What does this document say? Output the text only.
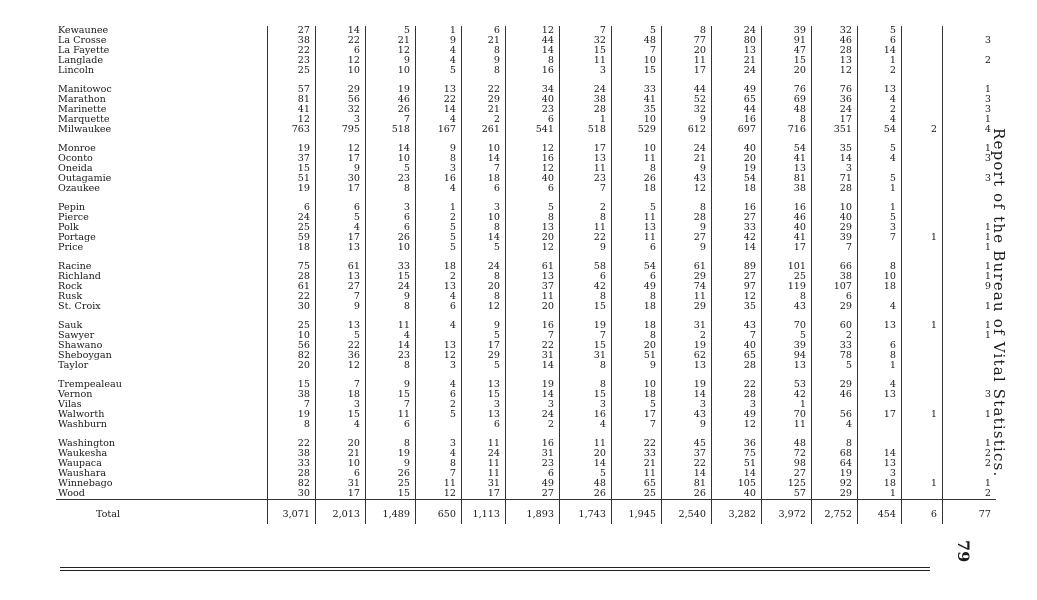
Kewaunee	27	14	5	1	6	12	7	5	8	24	39	32	5		
La Crosse	38	22	21	9	21	44	32	48	77	80	91	46	6		3
La Fayette	22	6	12	4	8	14	15	7	20	13	47	28	14		
Langlade	23	12	9	4	9	8	11	10	11	21	15	13	1		2
Lincoln	25	10	10	5	8	16	3	15	17	24	20	12	2		

Manitowoc	57	29	19	13	22	34	24	33	44	49	76	76	13		1
Marathon	81	56	46	22	29	40	38	41	52	65	69	36	4		3
Marinette	41	32	26	14	21	23	28	35	32	44	48	24	2		3
Marquette	12	3	7	4	2	6	1	10	9	16	8	17	4		1
Milwaukee	763	795	518	167	261	541	518	529	612	697	716	351	54	2	4

Monroe	19	12	14	9	10	12	17	10	24	40	54	35	5		1
Oconto	37	17	10	8	14	16	13	11	21	20	41	14	4		3
Oneida	15	9	5	3	7	12	11	8	9	19	13	3			
Outagamie	51	30	23	16	18	40	23	26	43	54	81	71	5		3
Ozaukee	19	17	8	4	6	6	7	18	12	18	38	28	1		

Pepin	6	6	3	1	3	5	2	5	8	16	16	10	1		
Pierce	24	5	6	2	10	8	8	11	28	27	46	40	5		
Polk	25	4	6	5	8	13	11	13	9	33	40	29	3		1
Portage	59	17	26	5	14	20	22	11	27	42	41	39	7	1	1
Price	18	13	10	5	5	12	9	6	9	14	17	7			1

Racine	75	61	33	18	24	61	58	54	61	89	101	66	8		1
Richland	28	13	15	2	8	13	6	6	29	27	25	38	10		1
Rock	61	27	24	13	20	37	42	49	74	97	119	107	18		9
Rusk	22	7	9	4	8	11	8	8	11	12	8	6			
St. Croix	30	9	8	6	12	20	15	18	29	35	43	29	4		1

Sauk	25	13	11	4	9	16	19	18	31	43	70	60	13	1	1
Sawyer	10	5	4		5	7	7	8	2	7	5	2			1
Shawano	56	22	14	13	17	22	15	20	19	40	39	33	6		
Sheboygan	82	36	23	12	29	31	31	51	62	65	94	78	8		
Taylor	20	12	8	3	5	14	8	9	13	28	13	5	1		

Trempealeau	15	7	9	4	13	19	8	10	19	22	53	29	4		
Vernon	38	18	15	6	15	14	15	18	14	28	42	46	13		3
Vilas	7	3	7	2	3	3	3	5	3	3	1				
Walworth	19	15	11	5	13	24	16	17	43	49	70	56	17	1	1
Washburn	8	4	6		6	2	4	7	9	12	11	4			

Washington	22	20	8	3	11	16	11	22	45	36	48	8			1
Waukesha	38	21	19	4	24	31	20	33	37	75	72	68	14		2
Waupaca	33	10	9	8	11	23	14	21	22	51	98	64	13		2
Waushara	28	6	26	7	11	6	5	11	14	14	27	19	3		
Winnebago	82	31	25	11	31	49	48	65	81	105	125	92	18	1	1
Wood	30	17	15	12	17	27	26	25	26	40	57	29	1		2
Total	3,071	2,013	1,489	650	1,113	1,893	1,743	1,945	2,540	3,282	3,972	2,752	454	6	77
Report of the Bureau of Vital Statistics.
79
